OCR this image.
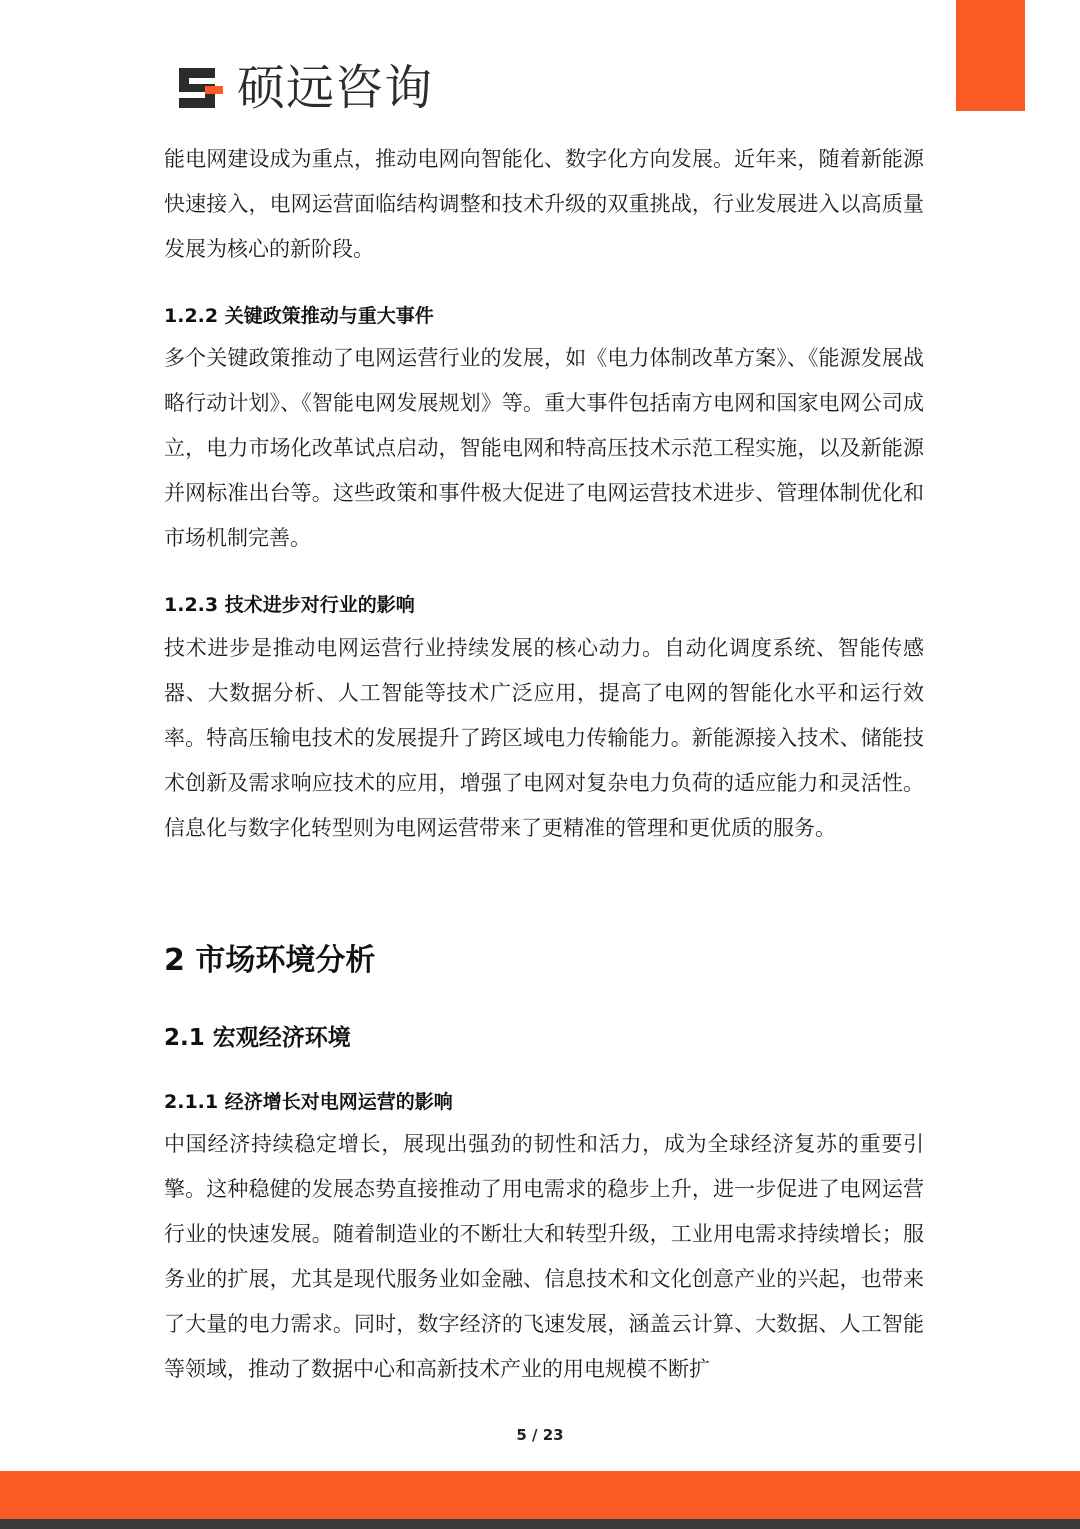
硕远咨询

能电网建设成为重点，推动电网向智能化、数字化方向发展。近年来，随着新能源快速接入，电网运营面临结构调整和技术升级的双重挑战，行业发展进入以高质量发展为核心的新阶段。

1.2.2 关键政策推动与重大事件

多个关键政策推动了电网运营行业的发展，如《电力体制改革方案》、《能源发展战略行动计划》、《智能电网发展规划》等。重大事件包括南方电网和国家电网公司成立，电力市场化改革试点启动，智能电网和特高压技术示范工程实施，以及新能源并网标准出台等。这些政策和事件极大促进了电网运营技术进步、管理体制优化和市场机制完善。

1.2.3 技术进步对行业的影响

技术进步是推动电网运营行业持续发展的核心动力。自动化调度系统、智能传感器、大数据分析、人工智能等技术广泛应用，提高了电网的智能化水平和运行效率。特高压输电技术的发展提升了跨区域电力传输能力。新能源接入技术、储能技术创新及需求响应技术的应用，增强了电网对复杂电力负荷的适应能力和灵活性。信息化与数字化转型则为电网运营带来了更精准的管理和更优质的服务。

2 市场环境分析
2.1 宏观经济环境
2.1.1 经济增长对电网运营的影响

中国经济持续稳定增长，展现出强劲的韧性和活力，成为全球经济复苏的重要引擎。这种稳健的发展态势直接推动了用电需求的稳步上升，进一步促进了电网运营行业的快速发展。随着制造业的不断壮大和转型升级，工业用电需求持续增长；服务业的扩展，尤其是现代服务业如金融、信息技术和文化创意产业的兴起，也带来了大量的电力需求。同时，数字经济的飞速发展，涵盖云计算、大数据、人工智能等领域，推动了数据中心和高新技术产业的用电规模不断扩

5 / 23
